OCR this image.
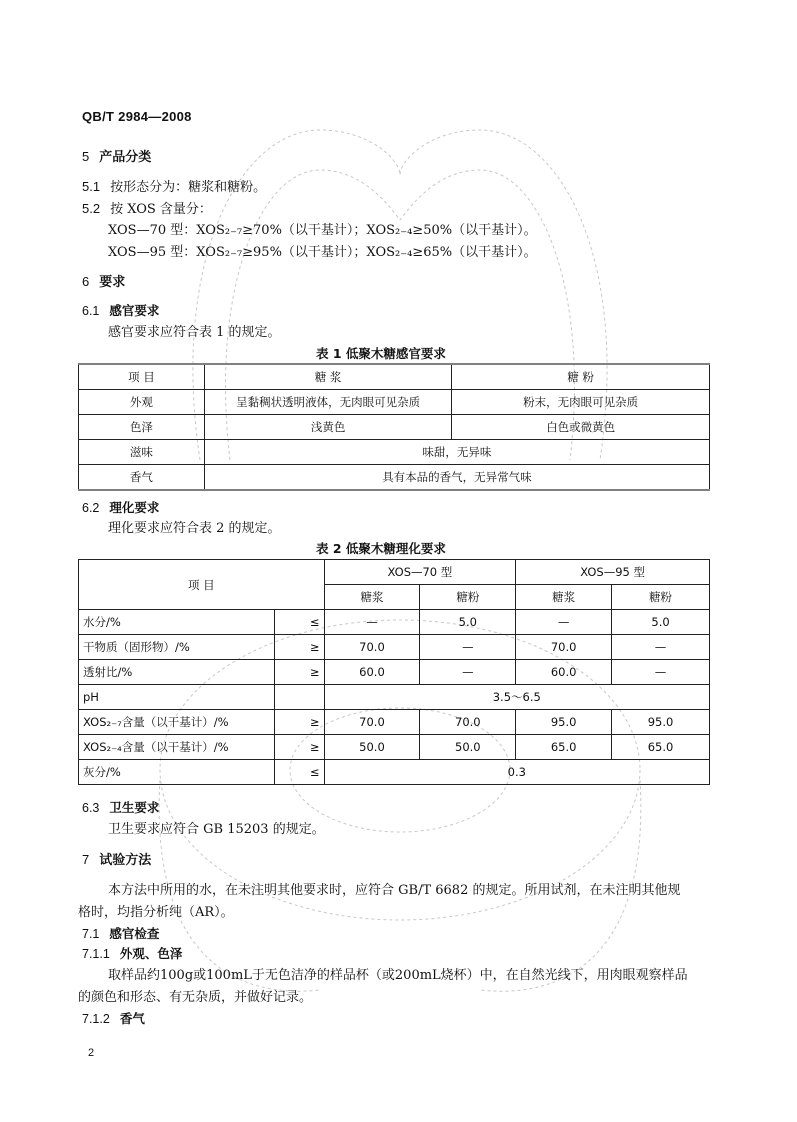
QB/T 2984—2008
5 产品分类
5.1 按形态分为：糖浆和糖粉。
5.2 按 XOS 含量分：
XOS—70 型：XOS₂₋₇≥70%（以干基计）；XOS₂₋₄≥50%（以干基计）。
XOS—95 型：XOS₂₋₇≥95%（以干基计）；XOS₂₋₄≥65%（以干基计）。
6 要求
6.1 感官要求
感官要求应符合表 1 的规定。
表 1 低聚木糖感官要求
项 目	糖 浆	糖 粉
外观	呈黏稠状透明液体，无肉眼可见杂质	粉末，无肉眼可见杂质
色泽	浅黄色	白色或微黄色
滋味	味甜，无异味	
香气	具有本品的香气，无异常气味	
6.2 理化要求
理化要求应符合表 2 的规定。
表 2 低聚木糖理化要求
项 目		XOS—70 型		XOS—95 型	
		糖浆	糖粉	糖浆	糖粉
水分/%	≤	—	5.0	—	5.0
干物质（固形物）/%	≥	70.0	—	70.0	—
透射比/%	≥	60.0	—	60.0	—
pH		3.5～6.5			
XOS₂₋₇含量（以干基计）/%	≥	70.0	70.0	95.0	95.0
XOS₂₋₄含量（以干基计）/%	≥	50.0	50.0	65.0	65.0
灰分/%	≤	0.3			
6.3 卫生要求
卫生要求应符合 GB 15203 的规定。
7 试验方法
本方法中所用的水，在未注明其他要求时，应符合 GB/T 6682 的规定。所用试剂，在未注明其他规
格时，均指分析纯（AR）。
7.1 感官检查
7.1.1 外观、色泽
取样品约100g或100mL于无色洁净的样品杯（或200mL烧杯）中，在自然光线下，用肉眼观察样品
的颜色和形态、有无杂质，并做好记录。
7.1.2 香气
2
